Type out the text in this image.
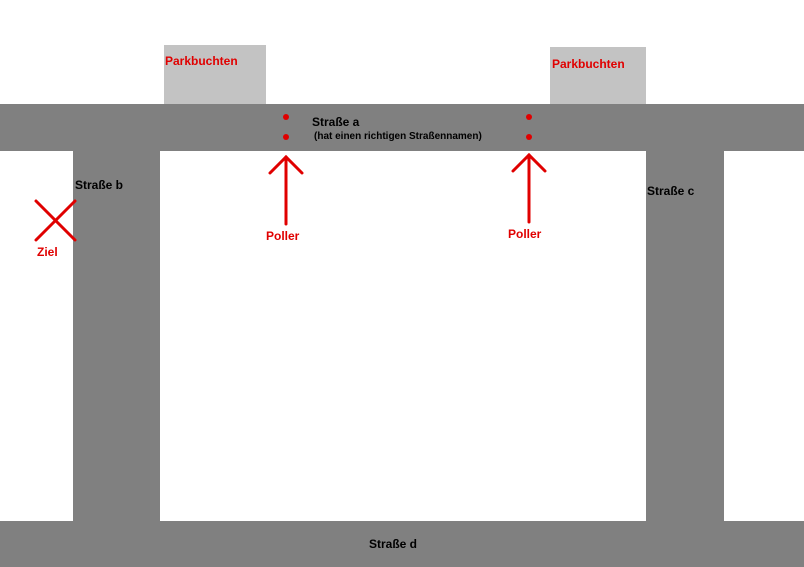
Parkbuchten	Parkbuchten
Straße a
(hat einen richtigen Straßennamen)
Straße b	Straße c
Straße d
Poller	Poller
Ziel
